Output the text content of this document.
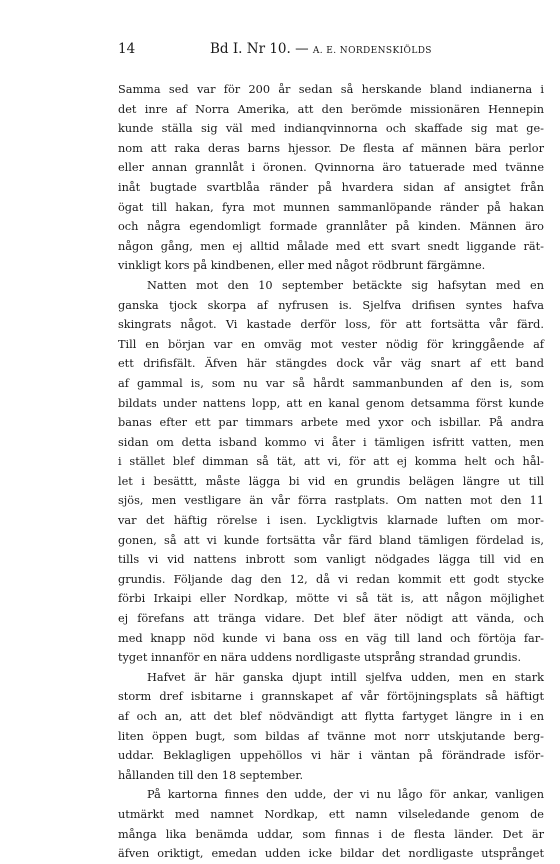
14	Bd I. Nr 10. — A. E. NORDENSKIÖLDS
Samma sed var för 200 år sedan så herskande bland indianerna i
det inre af Norra Amerika, att den berömde missionären Hennepin
kunde ställa sig väl med indianqvinnorna och skaffade sig mat ge-
nom att raka deras barns hjessor. De flesta af männen bära perlor
eller annan grannlåt i öronen. Qvinnorna äro tatuerade med tvänne
inåt bugtade svartblåa ränder på hvardera sidan af ansigtet från
ögat till hakan, fyra mot munnen sammanlöpande ränder på hakan
och några egendomligt formade grannlåter på kinden. Männen äro
någon gång, men ej alltid målade med ett svart snedt liggande rät-
vinkligt kors på kindbenen, eller med något rödbrunt färgämne.
Natten mot den 10 september betäckte sig hafsytan med en
ganska tjock skorpa af nyfrusen is. Sjelfva drifisen syntes hafva
skingrats något. Vi kastade derför loss, för att fortsätta vår färd.
Till en början var en omväg mot vester nödig för kringgående af
ett drifisfält. Äfven här stängdes dock vår väg snart af ett band
af gammal is, som nu var så hårdt sammanbunden af den is, som
bildats under nattens lopp, att en kanal genom detsamma först kunde
banas efter ett par timmars arbete med yxor och isbillar. På andra
sidan om detta isband kommo vi åter i tämligen isfritt vatten, men
i stället blef dimman så tät, att vi, för att ej komma helt och hål-
let i besättt, måste lägga bi vid en grundis belägen längre ut till
sjös, men vestligare än vår förra rastplats. Om natten mot den 11
var det häftig rörelse i isen. Lyckligtvis klarnade luften om mor-
gonen, så att vi kunde fortsätta vår färd bland tämligen fördelad is,
tills vi vid nattens inbrott som vanligt nödgades lägga till vid en
grundis. Följande dag den 12, då vi redan kommit ett godt stycke
förbi Irkaipi eller Nordkap, mötte vi så tät is, att någon möjlighet
ej förefans att tränga vidare. Det blef äter nödigt att vända, och
med knapp nöd kunde vi bana oss en väg till land och förtöja far-
tyget innanför en nära uddens nordligaste utsprång strandad grundis.
Hafvet är här ganska djupt intill sjelfva udden, men en stark
storm dref isbitarne i grannskapet af vår förtöjningsplats så häftigt
af och an, att det blef nödvändigt att flytta fartyget längre in i en
liten öppen bugt, som bildas af tvänne mot norr utskjutande berg-
uddar. Beklagligen uppehöllos vi här i väntan på förändrade isför-
hållanden till den 18 september.
På kartorna finnes den udde, der vi nu lågo för ankar, vanligen
utmärkt med namnet Nordkap, ett namn vilseledande genom de
många lika benämda uddar, som finnas i de flesta länder. Det är
äfven oriktigt, emedan udden icke bildar det nordligaste utsprånget
